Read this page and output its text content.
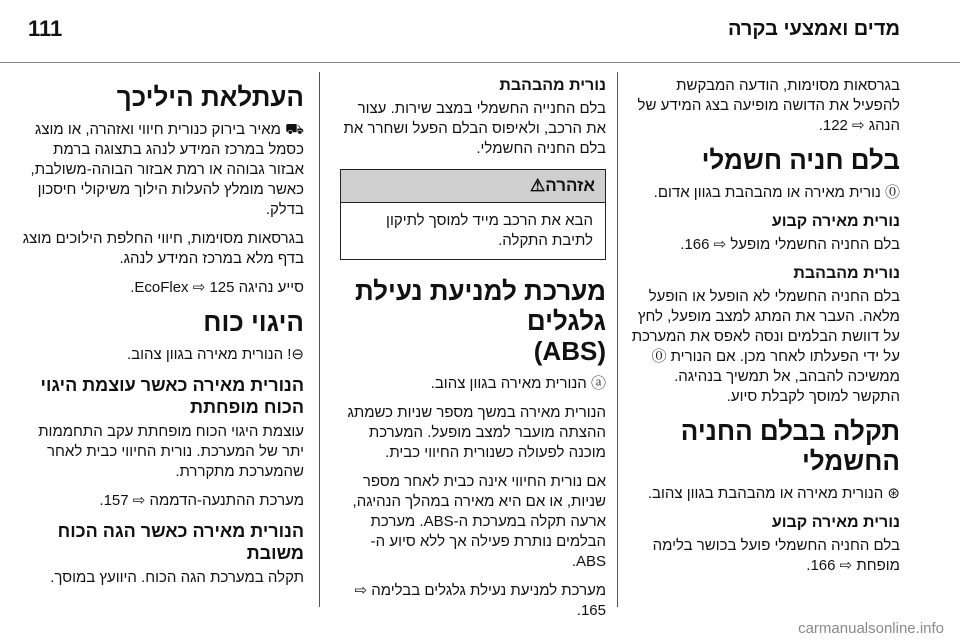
111	מדים ואמצעי בקרה

בגרסאות מסוימות, הודעה המבקשת להפעיל את הדושה מופיעה בצג המידע של הנהג ⇨ 122.

בלם חניה חשמלי

⓪ נורית מאירה או מהבהבת בגוון אדום.

נורית מאירה קבוע

בלם החניה החשמלי מופעל ⇨ 166.

נורית מהבהבת

בלם החניה החשמלי לא הופעל או הופעל מלאה. העבר את המתג למצב מופעל, לחץ על דוושת הבלמים ונסה לאפס את המערכת על ידי הפעלתו לאחר מכן. אם הנורית ⓪ ממשיכה להבהב, אל תמשיך בנהיגה. התקשר למוסך לקבלת סיוע.

תקלה בבלם החניה החשמלי

⊛ הנורית מאירה או מהבהבת בגוון צהוב.

נורית מאירה קבוע

בלם החניה החשמלי פועל בכושר בלימה מופחת ⇨ 166.

נורית מהבהבת

בלם החנייה החשמלי במצב שירות. עצור את הרכב, ולאיפוס הבלם הפעל ושחרר את בלם החניה החשמלי.

אזהרה⚠
הבא את הרכב מייד למוסך לתיקון לתיבת התקלה.
מערכת למניעת נעילת גלגלים
(ABS)

ⓐ הנורית מאירה בגוון צהוב.

הנורית מאירה במשך מספר שניות כשמתג ההצתה מועבר למצב מופעל. המערכת מוכנה לפעולה כשנורית החיווי כבית.

אם נורית החיווי אינה כבית לאחר מספר שניות, או אם היא מאירה במהלך הנהיגה, ארעה תקלה במערכת ה-ABS. מערכת הבלמים נותרת פעילה אך ללא סיוע ה-ABS.

מערכת למניעת נעילת גלגלים בבלימה ⇨ 165.

העתלאת היליכך

⛟ מאיר בירוק כנורית חיווי ואזהרה, או מוצג כסמל במרכז המידע לנהג בתצוגה ברמת אבזור גבוהה או רמת אבזור הבוהה-משולבת, כאשר מומלץ להעלות הילוך משיקולי חיסכון בדלק.

בגרסאות מסוימות, חיווי החלפת הילוכים מוצג בדף מלא במרכז המידע לנהג.

סייע נהיגה EcoFlex ⇨ 125.

היגוי כוח

⊖! הנורית מאירה בגוון צהוב.

הנורית מאירה כאשר עוצמת היגוי
הכוח מופחתת

עוצמת היגוי הכוח מופחתת עקב התחממות יתר של המערכת. נורית החיווי כבית לאחר שהמערכת מתקררת.

מערכת ההתנעה-הדממה ⇨ 157.

הנורית מאירה כאשר הגה הכוח
משובת

תקלה במערכת הגה הכוח. היוועץ במוסך.

carmanualsonline.info
